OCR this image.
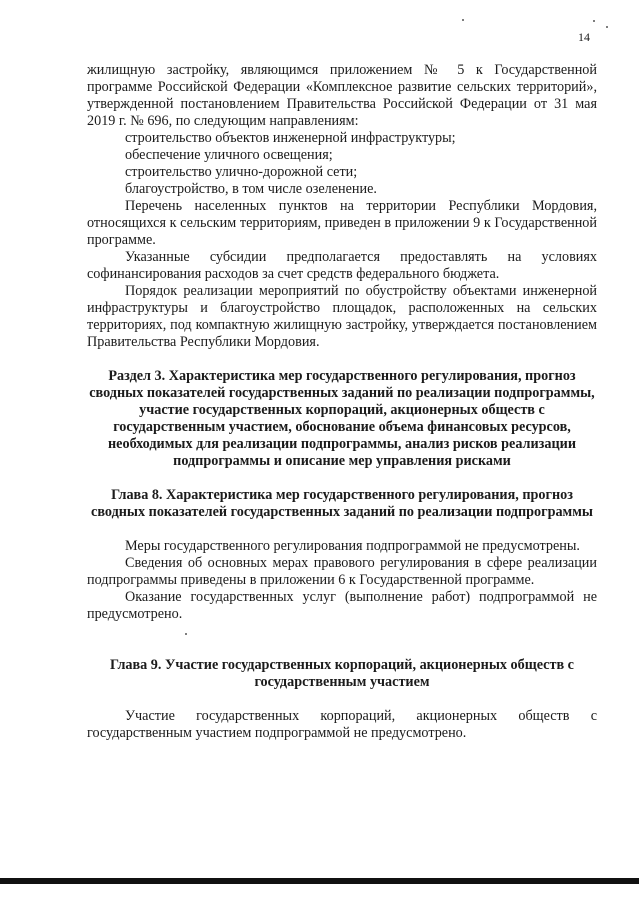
14

жилищную застройку, являющимся приложением № 5 к Государственной программе Российской Федерации «Комплексное развитие сельских территорий», утвержденной постановлением Правительства Российской Федерации от 31 мая 2019 г. № 696, по следующим направлениям:

строительство объектов инженерной инфраструктуры;

обеспечение уличного освещения;

строительство улично-дорожной сети;

благоустройство, в том числе озеленение.

Перечень населенных пунктов на территории Республики Мордовия, относящихся к сельским территориям, приведен в приложении 9 к Государственной программе.

Указанные субсидии предполагается предоставлять на условиях софинансирования расходов за счет средств федерального бюджета.

Порядок реализации мероприятий по обустройству объектами инженерной инфраструктуры и благоустройство площадок, расположенных на сельских территориях, под компактную жилищную застройку, утверждается постановлением Правительства Республики Мордовия.

Раздел 3. Характеристика мер государственного регулирования, прогноз сводных показателей государственных заданий по реализации подпрограммы, участие государственных корпораций, акционерных обществ с государственным участием, обоснование объема финансовых ресурсов, необходимых для реализации подпрограммы, анализ рисков реализации подпрограммы и описание мер управления рисками
Глава 8. Характеристика мер государственного регулирования, прогноз сводных показателей государственных заданий по реализации подпрограммы

Меры государственного регулирования подпрограммой не предусмотрены.

Сведения об основных мерах правового регулирования в сфере реализации подпрограммы приведены в приложении 6 к Государственной программе.

Оказание государственных услуг (выполнение работ) подпрограммой не предусмотрено.

Глава 9. Участие государственных корпораций, акционерных обществ с государственным участием

Участие государственных корпораций, акционерных обществ с государственным участием подпрограммой не предусмотрено.
